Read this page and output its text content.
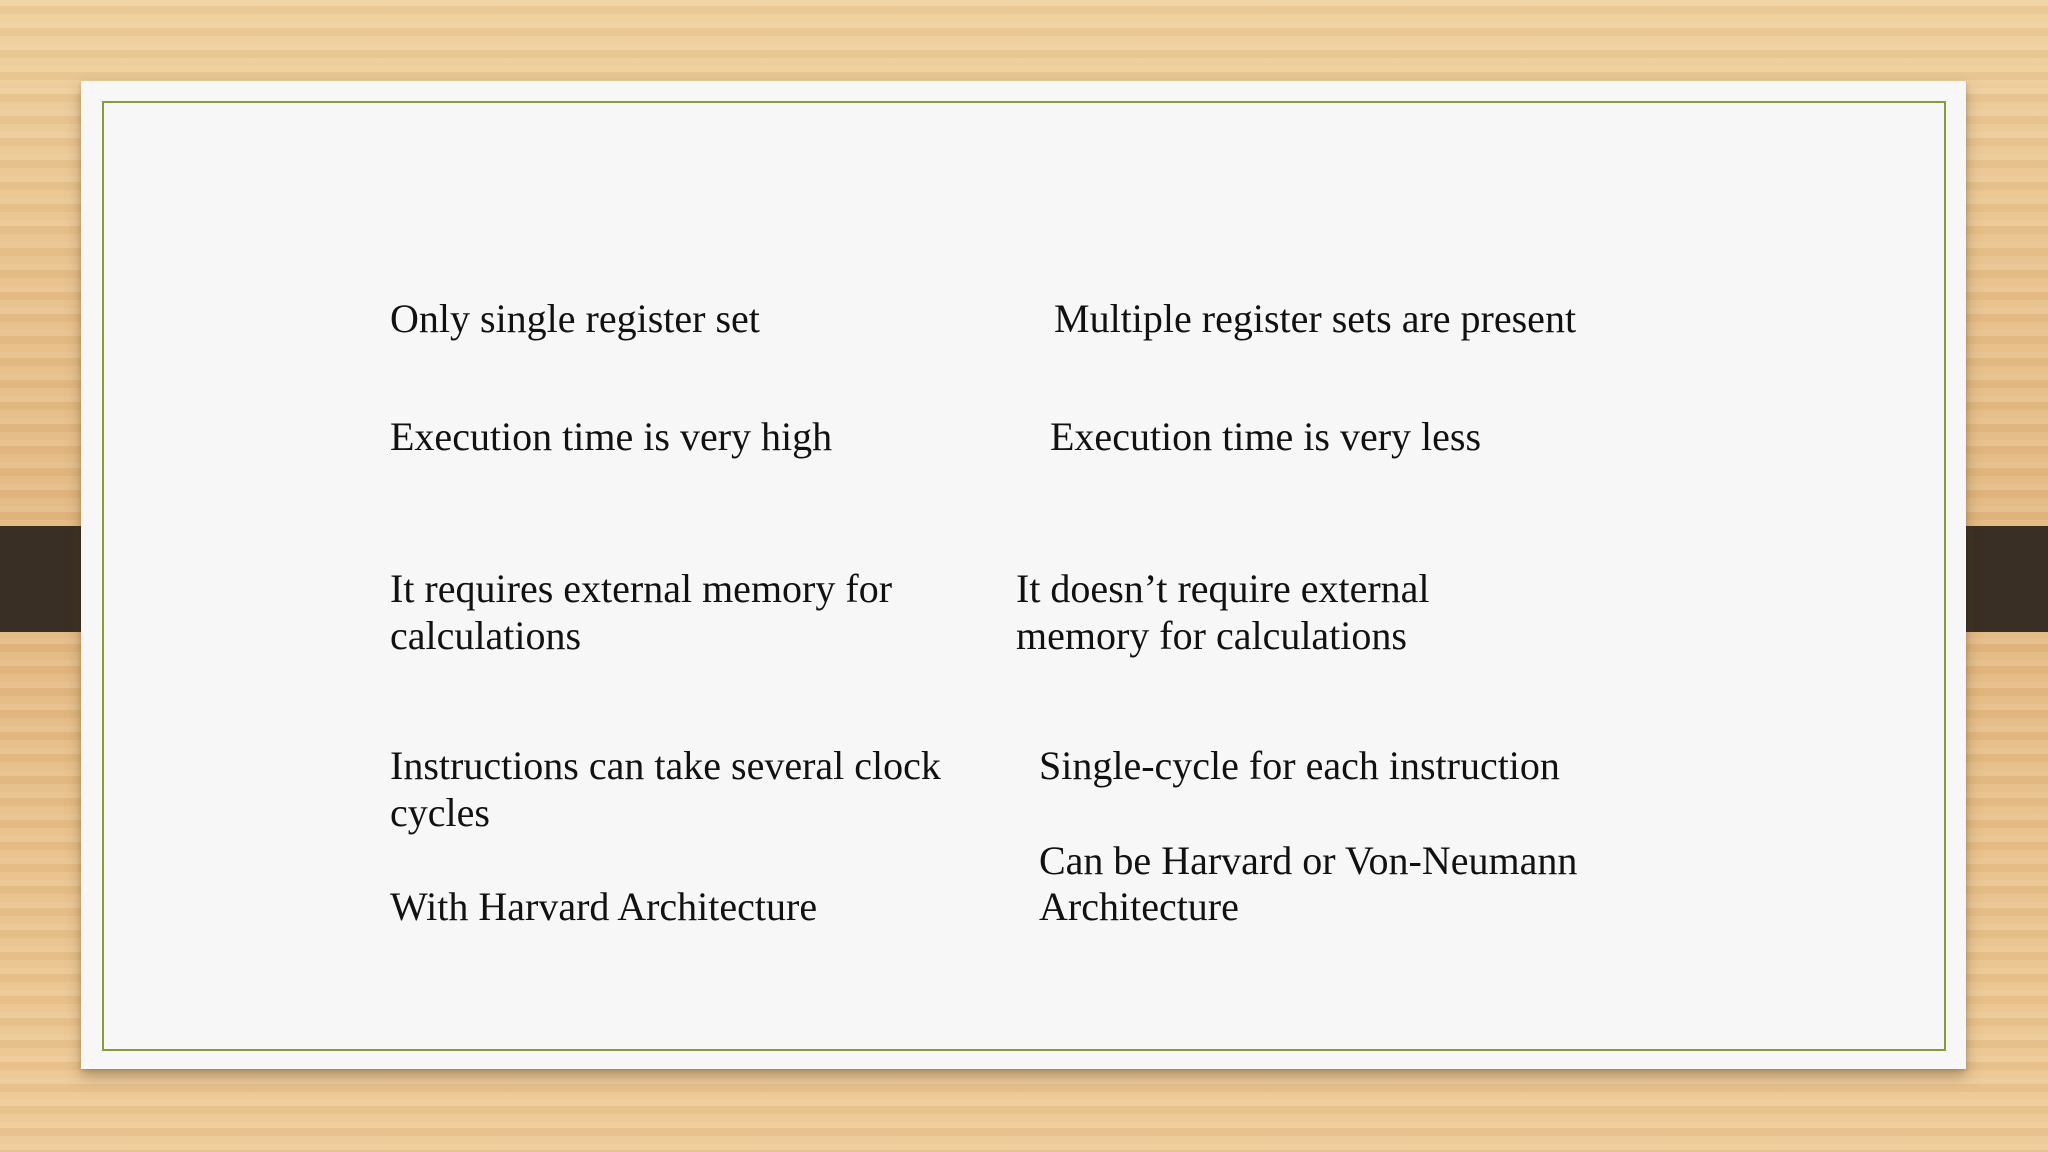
Only single register set	Multiple register sets are present

Execution time is very high	Execution time is very less

It requires external memory for

calculations

It doesn’t require external

memory for calculations

Instructions can take several clock

cycles

Single-cycle for each instruction

With Harvard Architecture

Can be Harvard or Von-Neumann

Architecture
